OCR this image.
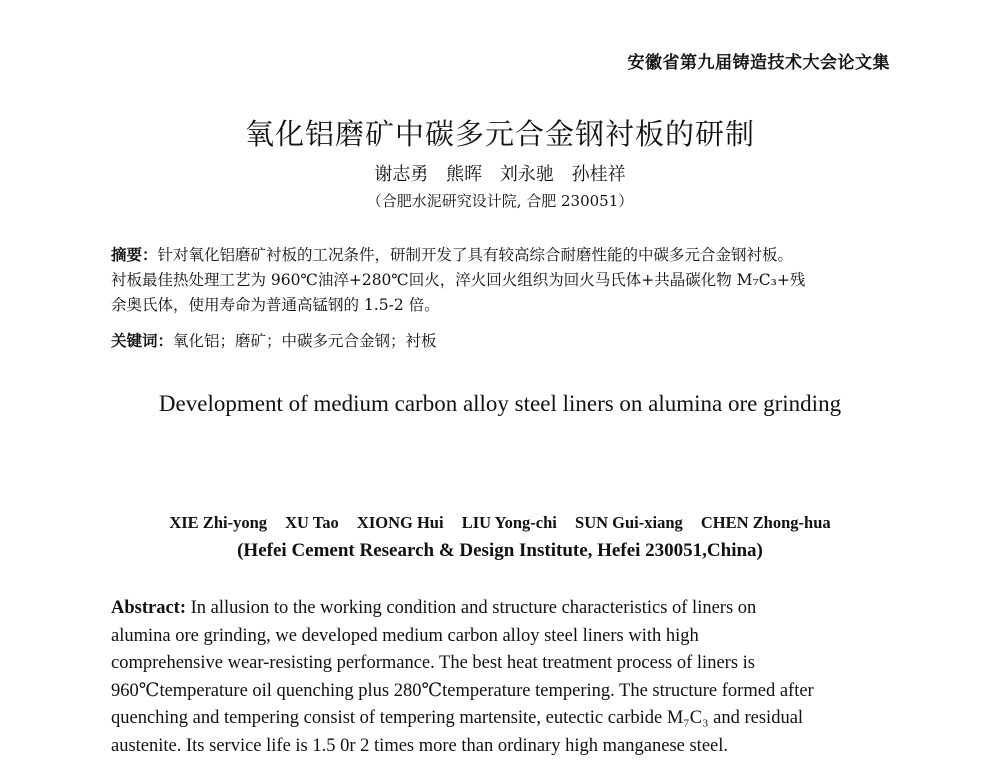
安徽省第九届铸造技术大会论文集
氧化铝磨矿中碳多元合金钢衬板的研制
谢志勇 熊晖 刘永驰 孙桂祥
（合肥水泥研究设计院, 合肥 230051）
摘要：针对氧化铝磨矿衬板的工况条件，研制开发了具有较高综合耐磨性能的中碳多元合金钢衬板。
衬板最佳热处理工艺为 960℃油淬+280℃回火，淬火回火组织为回火马氏体+共晶碳化物 M₇C₃+残
余奥氏体，使用寿命为普通高锰钢的 1.5-2 倍。
关键词：氧化铝；磨矿；中碳多元合金钢；衬板
Development of medium carbon alloy steel liners on alumina ore grinding
XIE Zhi-yong XU Tao XIONG Hui LIU Yong-chi SUN Gui-xiang CHEN Zhong-hua
(Hefei Cement Research & Design Institute, Hefei 230051,China)

Abstract: In allusion to the working condition and structure characteristics of liners on

alumina ore grinding, we developed medium carbon alloy steel liners with high

comprehensive wear-resisting performance. The best heat treatment process of liners is

960℃temperature oil quenching plus 280℃temperature tempering. The structure formed after

quenching and tempering consist of tempering martensite, eutectic carbide M₇C₃ and residual

austenite. Its service life is 1.5 0r 2 times more than ordinary high manganese steel.
